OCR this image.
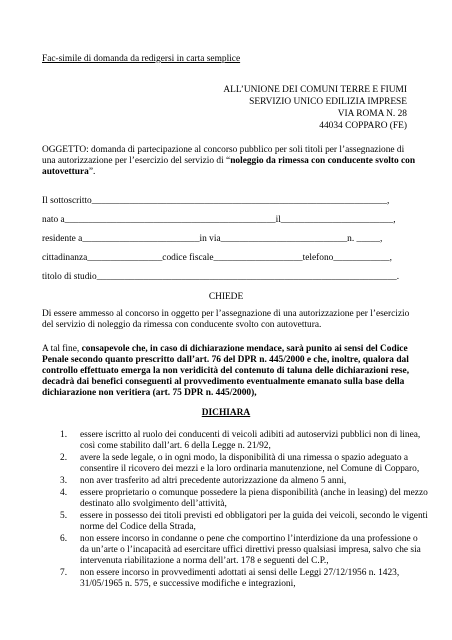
Fac-simile di domanda da redigersi in carta semplice
ALL’UNIONE DEI COMUNI TERRE E FIUMI
SERVIZIO UNICO EDILIZIA IMPRESE
VIA ROMA N. 28
44034 COPPARO (FE)
OGGETTO: domanda di partecipazione al concorso pubblico per soli titoli per l’assegnazione di
una autorizzazione per l’esercizio del servizio di “noleggio da rimessa con conducente svolto con
autovettura”.
Il sottoscritto_______________________________________________________________,
nato a_____________________________________________il________________________,
residente a_________________________in via___________________________n. _____,
cittadinanza________________codice fiscale___________________telefono____________,
titolo di studio________________________________________________________________.
CHIEDE
Di essere ammesso al concorso in oggetto per l’assegnazione di una autorizzazione per l’esercizio
del servizio di noleggio da rimessa con conducente svolto con autovettura.
A tal fine, consapevole che, in caso di dichiarazione mendace, sarà punito ai sensi del Codice
Penale secondo quanto prescritto dall’art. 76 del DPR n. 445/2000 e che, inoltre, qualora dal
controllo effettuato emerga la non veridicità del contenuto di taluna delle dichiarazioni rese,
decadrà dai benefici conseguenti al provvedimento eventualmente emanato sulla base della
dichiarazione non veritiera (art. 75 DPR n. 445/2000),
DICHIARA
1. essere iscritto al ruolo dei conducenti di veicoli adibiti ad autoservizi pubblici non di linea,
così come stabilito dall’art. 6 della Legge n. 21/92,
2. avere la sede legale, o in ogni modo, la disponibilità di una rimessa o spazio adeguato a
consentire il ricovero dei mezzi e la loro ordinaria manutenzione, nel Comune di Copparo,
3. non aver trasferito ad altri precedente autorizzazione da almeno 5 anni,
4. essere proprietario o comunque possedere la piena disponibilità (anche in leasing) del mezzo
destinato allo svolgimento dell’attività,
5. essere in possesso dei titoli previsti ed obbligatori per la guida dei veicoli, secondo le vigenti
norme del Codice della Strada,
6. non essere incorso in condanne o pene che comportino l’interdizione da una professione o
da un’arte o l’incapacità ad esercitare uffici direttivi presso qualsiasi impresa, salvo che sia
intervenuta riabilitazione a norma dell’art. 178 e seguenti del C.P.,
7. non essere incorso in provvedimenti adottati ai sensi delle Leggi 27/12/1956 n. 1423,
31/05/1965 n. 575, e successive modifiche e integrazioni,
